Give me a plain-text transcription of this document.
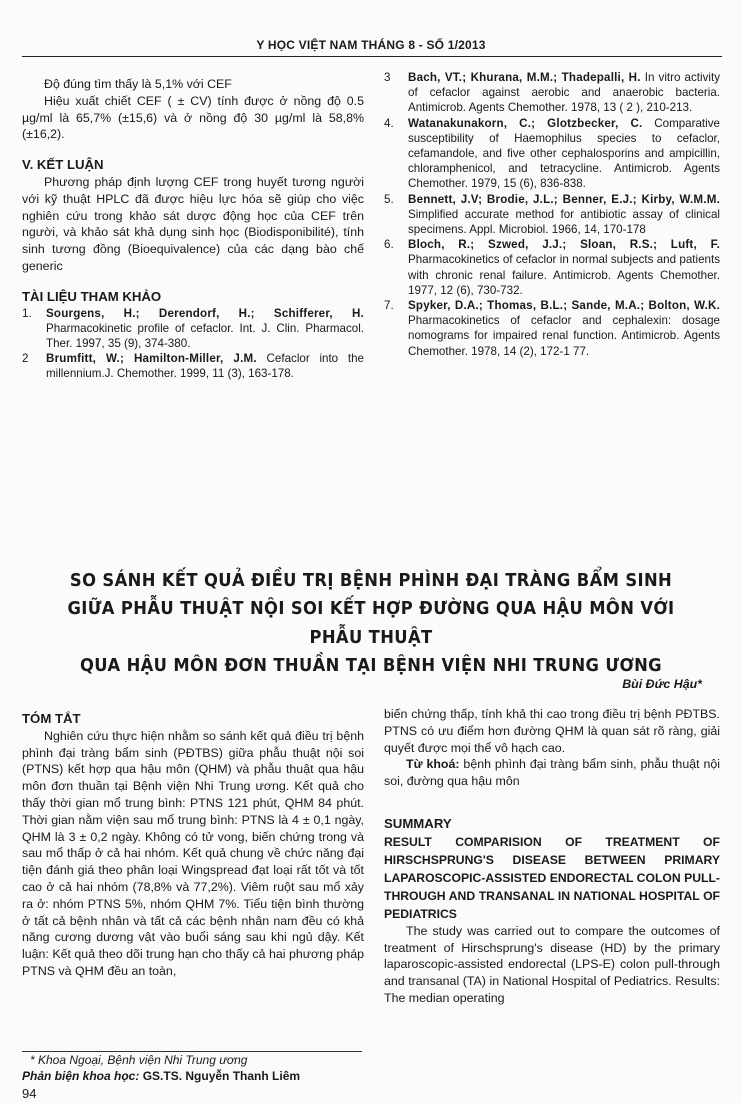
Y HỌC VIỆT NAM THÁNG 8 - SỐ 1/2013

Độ đúng tìm thấy là 5,1% với CEF

Hiệu xuất chiết CEF ( ± CV) tính được ở nồng độ 0.5 µg/ml là 65,7% (±15,6) và ở nồng độ 30 µg/ml là 58,8% (±16,2).

V. KẾT LUẬN

Phương pháp định lượng CEF trong huyết tương người với kỹ thuật HPLC đã được hiệu lực hóa sẽ giúp cho việc nghiên cứu trong khảo sát dược động học của CEF trên người, và khảo sát khả dụng sinh học (Biodisponibilité), tính sinh tương đồng (Bioequivalence) của các dạng bào chế generic

TÀI LIỆU THAM KHẢO

1.	Sourgens, H.; Derendorf, H.; Schifferer, H. Pharmacokinetic profile of cefaclor. Int. J. Clin. Pharmacol. Ther. 1997, 35 (9), 374-380.
2	Brumfitt, W.; Hamilton-Miller, J.M. Cefaclor into the millennium.J. Chemother. 1999, 11 (3), 163-178.
3	Bach, VT.; Khurana, M.M.; Thadepalli, H. In vitro activity of cefaclor against aerobic and anaerobic bacteria. Antimicrob. Agents Chemother. 1978, 13 ( 2 ), 210-213.
4.	Watanakunakorn, C.; Glotzbecker, C. Comparative susceptibility of Haemophilus species to cefaclor, cefamandole, and five other cephalosporins and ampicillin, chloramphenicol, and tetracycline. Antimicrob. Agents Chemother. 1979, 15 (6), 836-838.
5.	Bennett, J.V; Brodie, J.L.; Benner, E.J.; Kirby, W.M.M. Simplified accurate method for antibiotic assay of clinical specimens. Appl. Microbiol. 1966, 14, 170-178
6.	Bloch, R.; Szwed, J.J.; Sloan, R.S.; Luft, F. Pharmacokinetics of cefaclor in normal subjects and patients with chronic renal failure. Antimicrob. Agents Chemother. 1977, 12 (6), 730-732.
7.	Spyker, D.A.; Thomas, B.L.; Sande, M.A.; Bolton, W.K. Pharmacokinetics of cefaclor and cephalexin: dosage nomograms for impaired renal function. Antimicrob. Agents Chemother. 1978, 14 (2), 172-1 77.
SO SÁNH KẾT QUẢ ĐIỀU TRỊ BỆNH PHÌNH ĐẠI TRÀNG BẨM SINH
GIỮA PHẪU THUẬT NỘI SOI KẾT HỢP ĐƯỜNG QUA HẬU MÔN VỚI PHẪU THUẬT
QUA HẬU MÔN ĐƠN THUẦN TẠI BỆNH VIỆN NHI TRUNG ƯƠNG
Bùi Đức Hậu*

TÓM TẮT

Nghiên cứu thực hiện nhằm so sánh kết quả điều trị bệnh phình đại tràng bẩm sinh (PĐTBS) giữa phẫu thuật nội soi (PTNS) kết hợp qua hậu môn (QHM) và phẫu thuật qua hậu môn đơn thuần tại Bệnh viện Nhi Trung ương. Kết quả cho thấy thời gian mổ trung bình: PTNS 121 phút, QHM 84 phút. Thời gian nằm viện sau mổ trung bình: PTNS là 4 ± 0,1 ngày, QHM là 3 ± 0,2 ngày. Không có tử vong, biến chứng trong và sau mổ thấp ở cả hai nhóm. Kết quả chung về chức năng đại tiện đánh giá theo phân loại Wingspread đạt loại rất tốt và tốt cao ở cả hai nhóm (78,8% và 77,2%). Viêm ruột sau mổ xảy ra ở: nhóm PTNS 5%, nhóm QHM 7%. Tiểu tiện bình thường ở tất cả bệnh nhân và tất cả các bệnh nhân nam đều có khả năng cương dương vật vào buổi sáng sau khi ngủ dậy. Kết luận: Kết quả theo dõi trung hạn cho thấy cả hai phương pháp PTNS và QHM đều an toàn,

biến chứng thấp, tính khả thi cao trong điều trị bệnh PĐTBS. PTNS có ưu điểm hơn đường QHM là quan sát rõ ràng, giải quyết được mọi thể vô hạch cao.

Từ khoá: bệnh phình đại tràng bẩm sinh, phẫu thuật nội soi, đường qua hậu môn

SUMMARY

RESULT COMPARISION OF TREATMENT OF HIRSCHSPRUNG'S DISEASE BETWEEN PRIMARY LAPAROSCOPIC-ASSISTED ENDORECTAL COLON PULL-THROUGH AND TRANSANAL IN NATIONAL HOSPITAL OF PEDIATRICS

The study was carried out to compare the outcomes of treatment of Hirschsprung's disease (HD) by the primary laparoscopic-assisted endorectal (LPS-E) colon pull-through and transanal (TA) in National Hospital of Pediatrics. Results: The median operating

* Khoa Ngoại, Bệnh viện Nhi Trung ương
Phản biện khoa học: GS.TS. Nguyễn Thanh Liêm
94
